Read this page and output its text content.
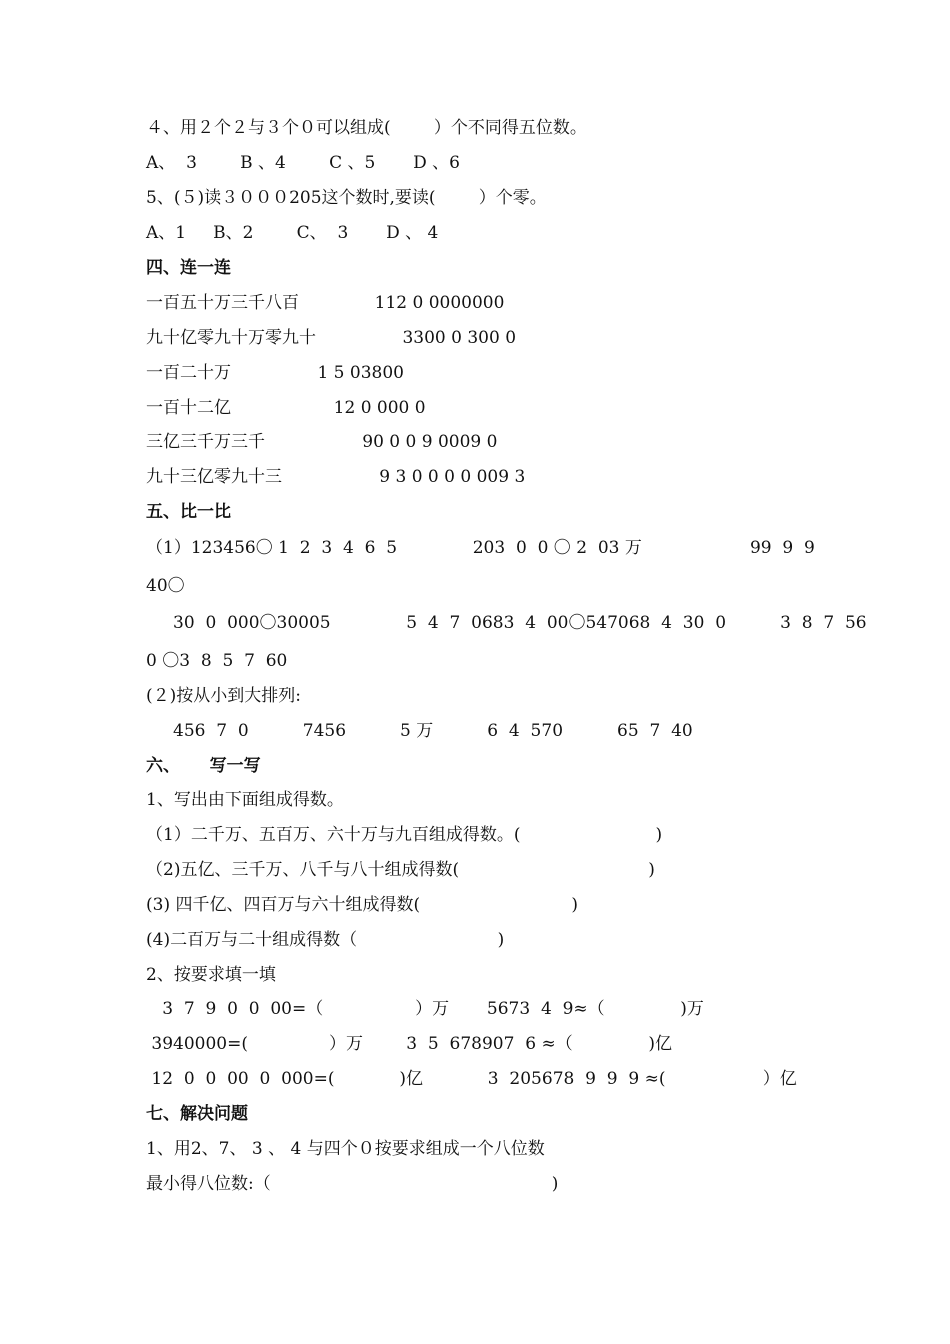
４、用２个２与３个０可以组成(        ）个不同得五位数。
A、  3        B 、4        C 、5       D 、6
5、(５)读３０００205这个数时,要读(        ）个零。
A、1     B、2        C、  3       D 、 4
四、连一连
一百五十万三千八百              112 0 0000000
九十亿零九十万零九十                3300 0 300 0
一百二十万                1 5 03800
一百十二亿                   12 0 000 0
三亿三千万三千                  90 0 0 9 0009 0
九十三亿零九十三                  9 3 0 0 0 0 009 3
五、比一比
（1）123456〇 1  2  3  4  6  5              203  0  0 〇 2  03 万                    99  9  9
40〇
30  0  000〇30005              5  4  7  0683  4  00〇547068  4  30  0          3  8  7  56
0 〇3  8  5  7  60
(２)按从小到大排列:
456  7  0          7456          5 万          6  4  570          65  7  40
六、     写一写
1、写出由下面组成得数。
（1）二千万、五百万、六十万与九百组成得数。(                         )
（2)五亿、三千万、八千与八十组成得数(                                   )
(3) 四千亿、四百万与六十组成得数(                            )
(4)二百万与二十组成得数（                          )
2、按要求填一填
3  7  9  0  0  00=（                 ）万       5673  4  9≈（              )万
3940000=(               ）万        3  5  678907  6 ≈（              )亿
12  0  0  00  0  000=(            )亿            3  205678  9  9  9 ≈(                  ）亿
七、解决问题
1、用2、7、 3 、 4 与四个０按要求组成一个八位数
最小得八位数:（                                                    )
